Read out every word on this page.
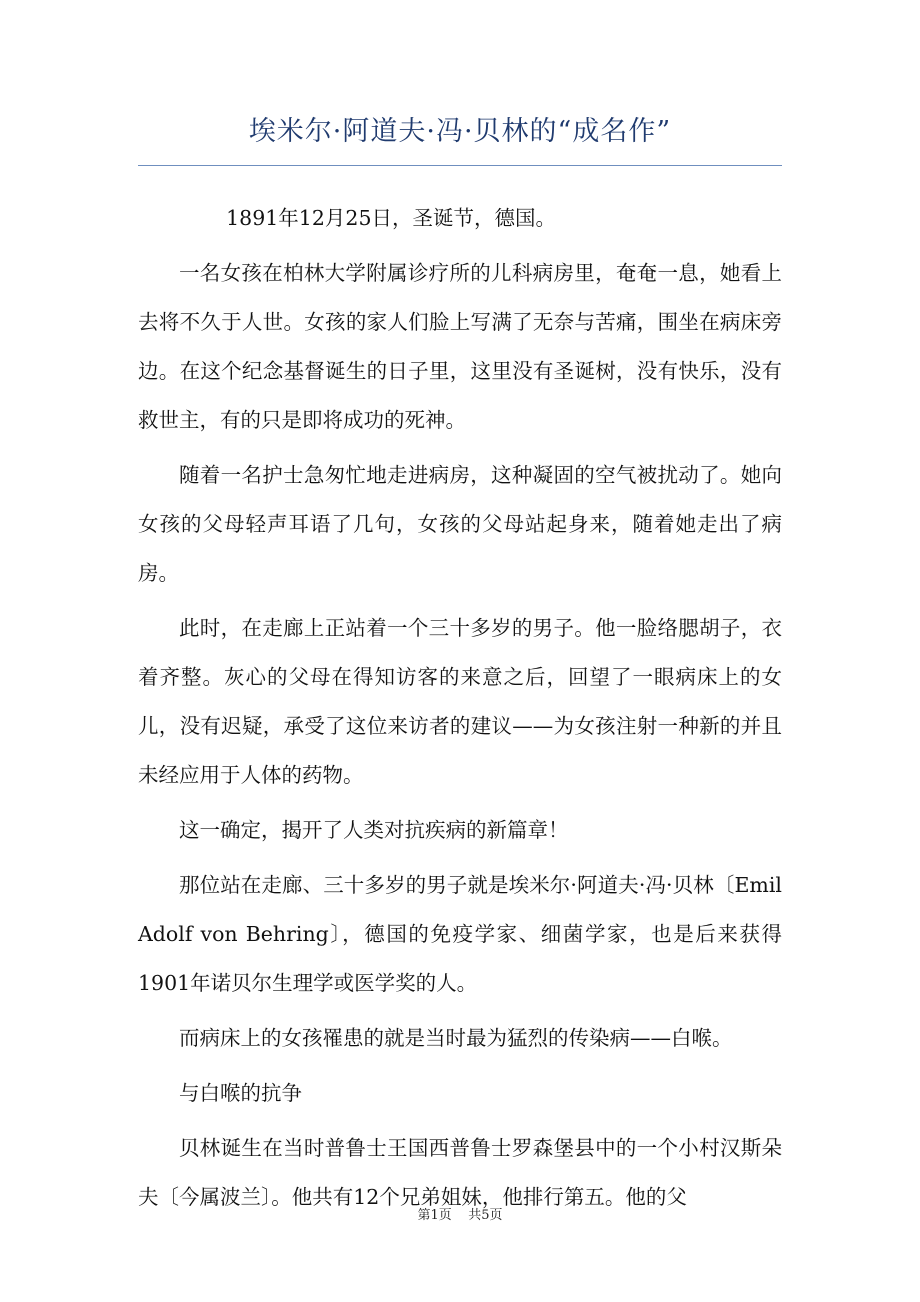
埃米尔·阿道夫·冯·贝林的“成名作”

1891年12月25日，圣诞节，德国。

一名女孩在柏林大学附属诊疗所的儿科病房里，奄奄一息，她看上去将不久于人世。女孩的家人们脸上写满了无奈与苦痛，围坐在病床旁边。在这个纪念基督诞生的日子里，这里没有圣诞树，没有快乐，没有救世主，有的只是即将成功的死神。

随着一名护士急匆忙地走进病房，这种凝固的空气被扰动了。她向女孩的父母轻声耳语了几句，女孩的父母站起身来，随着她走出了病房。

此时，在走廊上正站着一个三十多岁的男子。他一脸络腮胡子，衣着齐整。灰心的父母在得知访客的来意之后，回望了一眼病床上的女儿，没有迟疑，承受了这位来访者的建议——为女孩注射一种新的并且未经应用于人体的药物。

这一确定，揭开了人类对抗疾病的新篇章！

那位站在走廊、三十多岁的男子就是埃米尔·阿道夫·冯·贝林〔Emil Adolf von Behring〕，德国的免疫学家、细菌学家，也是后来获得1901年诺贝尔生理学或医学奖的人。

而病床上的女孩罹患的就是当时最为猛烈的传染病——白喉。

与白喉的抗争

贝林诞生在当时普鲁士王国西普鲁士罗森堡县中的一个小村汉斯朵夫〔今属波兰〕。他共有12个兄弟姐妹，他排行第五。他的父

第1页    共5页
